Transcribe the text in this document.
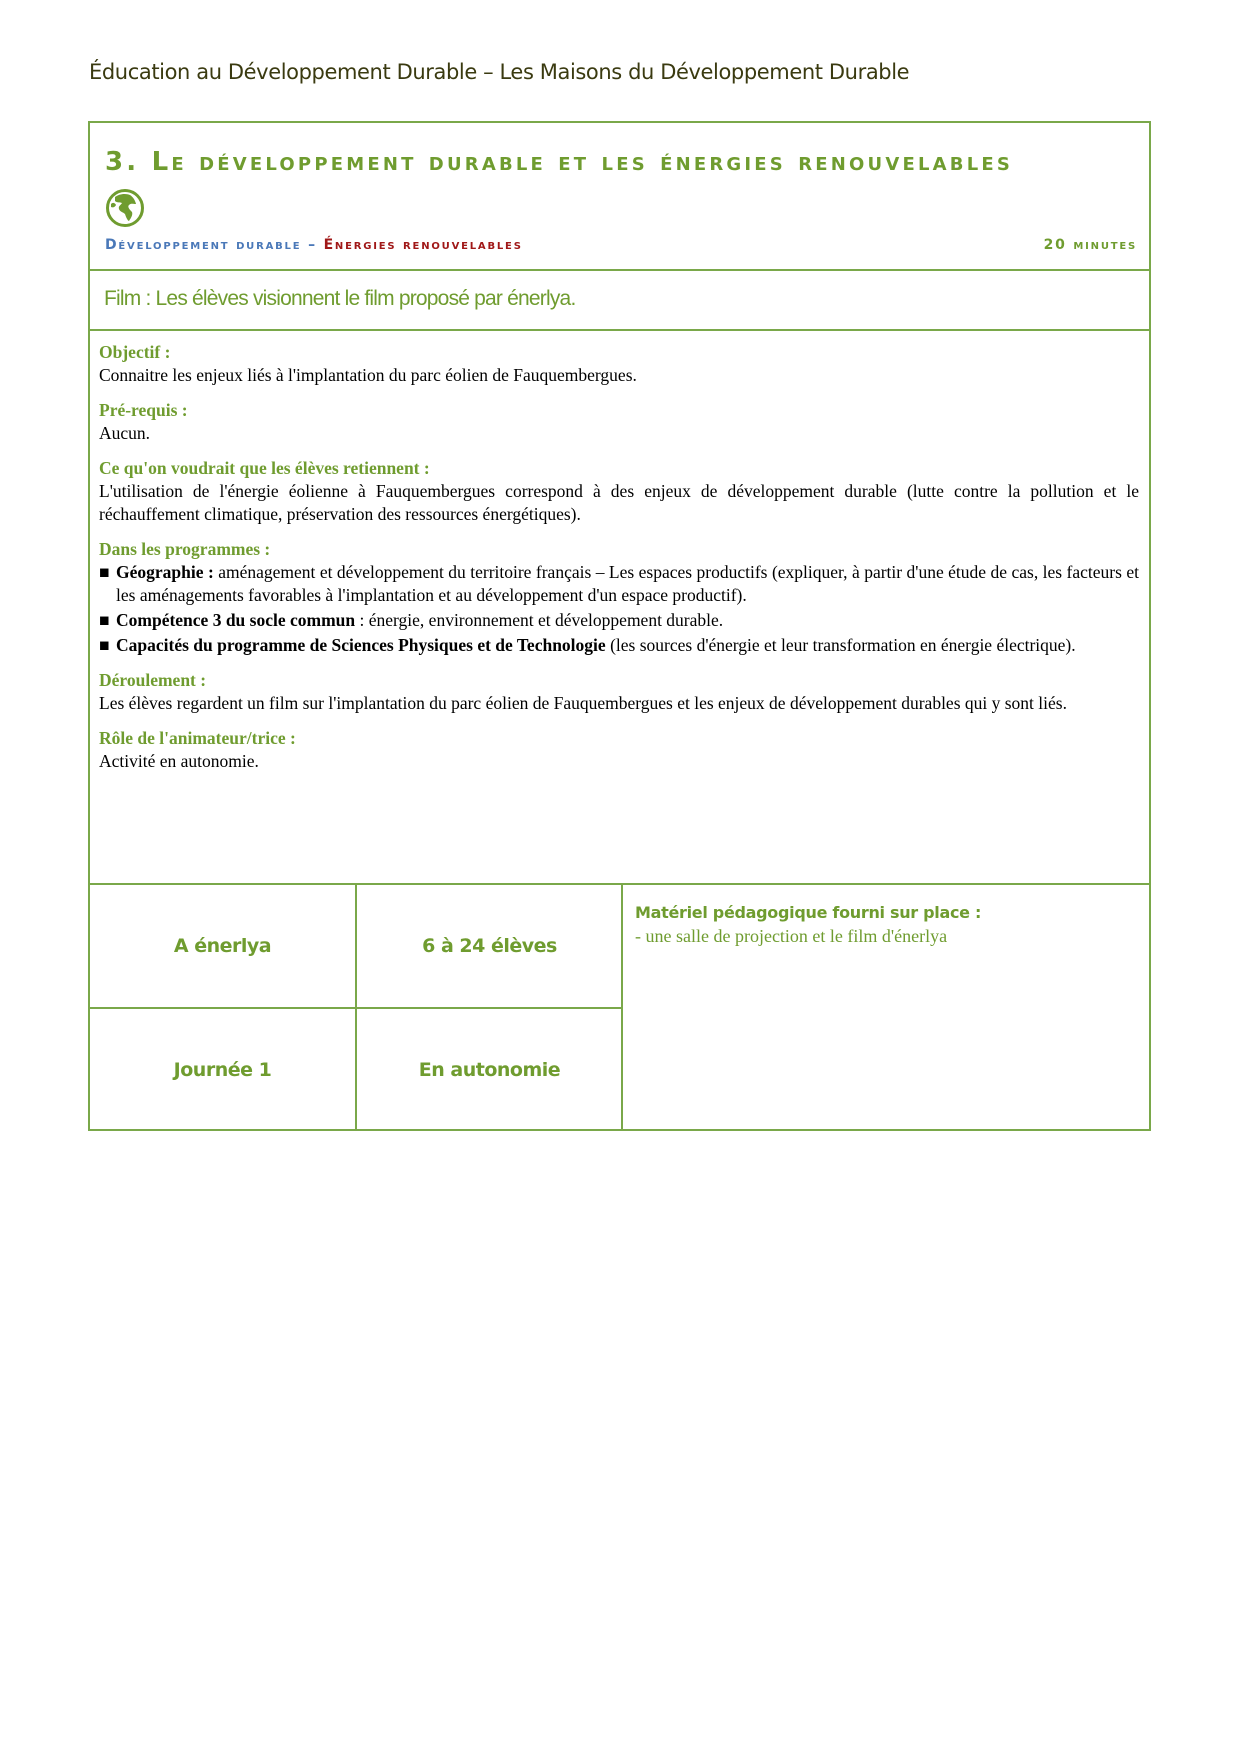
Éducation au Développement Durable – Les Maisons du Développement Durable
3. Le développement durable et les énergies renouvelables
Développement durable – Énergies renouvelables	20 minutes
Film : Les élèves visionnent le film proposé par énerlya.
Objectif :
Connaitre les enjeux liés à l'implantation du parc éolien de Fauquembergues.
Pré-requis :
Aucun.
Ce qu'on voudrait que les élèves retiennent :
L'utilisation de l'énergie éolienne à Fauquembergues correspond à des enjeux de développement durable (lutte contre la pollution et le réchauffement climatique, préservation des ressources énergétiques).
Dans les programmes :
■ Géographie : aménagement et développement du territoire français – Les espaces productifs (expliquer, à partir d'une étude de cas, les facteurs et les aménagements favorables à l'implantation et au développement d'un espace productif).
■ Compétence 3 du socle commun : énergie, environnement et développement durable.
■ Capacités du programme de Sciences Physiques et de Technologie (les sources d'énergie et leur transformation en énergie électrique).
Déroulement :
Les élèves regardent un film sur l'implantation du parc éolien de Fauquembergues et les enjeux de développement durables qui y sont liés.
Rôle de l'animateur/trice :
Activité en autonomie.
A énerlya	6 à 24 élèves
Journée 1	En autonomie
Matériel pédagogique fourni sur place :
- une salle de projection et le film d'énerlya
